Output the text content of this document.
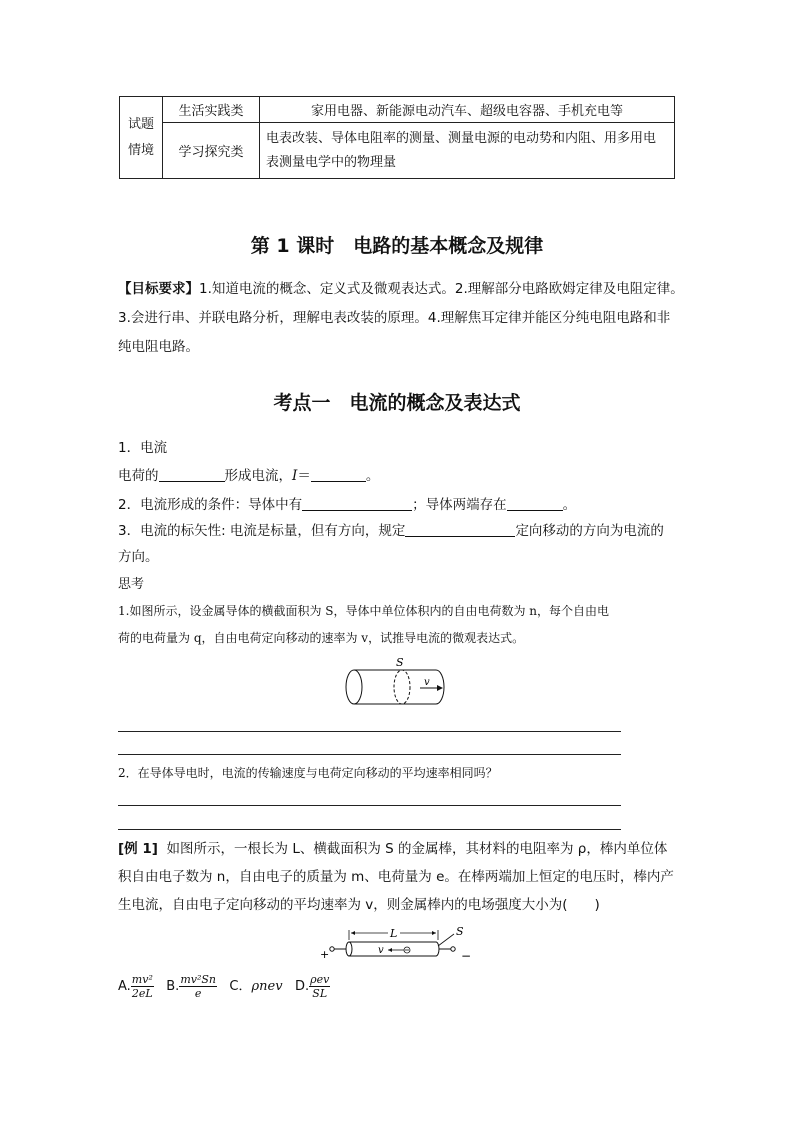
试题情境	生活实践类	家用电器、新能源电动汽车、超级电容器、手机充电等
	学习探究类	电表改装、导体电阻率的测量、测量电源的电动势和内阻、用多用电表测量电学中的物理量
第 1 课时　电路的基本概念及规律
【目标要求】1.知道电流的概念、定义式及微观表达式。2.理解部分电路欧姆定律及电阻定律。
3.会进行串、并联电路分析，理解电表改装的原理。4.理解焦耳定律并能区分纯电阻电路和非
纯电阻电路。
考点一　电流的概念及表达式
1．电流
电荷的	形成电流，I＝	。
2．电流形成的条件：导体中有	；导体两端存在	。
3．电流的标矢性: 电流是标量，但有方向，规定	定向移动的方向为电流的
方向。
思考
1.如图所示，设金属导体的横截面积为 S，导体中单位体积内的自由电荷数为 n，每个自由电
荷的电荷量为 q，自由电荷定向移动的速率为 v，试推导电流的微观表达式。
S
v
2．在导体导电时，电流的传输速度与电荷定向移动的平均速率相同吗？
[例 1] 如图所示，一根长为 L、横截面积为 S 的金属棒，其材料的电阻率为 ρ，棒内单位体
积自由电子数为 n，自由电子的质量为 m、电荷量为 e。在棒两端加上恒定的电压时，棒内产
生电流，自由电子定向移动的平均速率为 v，则金属棒内的电场强度大小为(　　)
+	−
L	S
v
A. $\frac{\text{mv²}}{2eL} B$. $\frac{\text{mv²Sn}}{e}$ C．ρnev D. $\frac{\text{ρev}}{SL}$
